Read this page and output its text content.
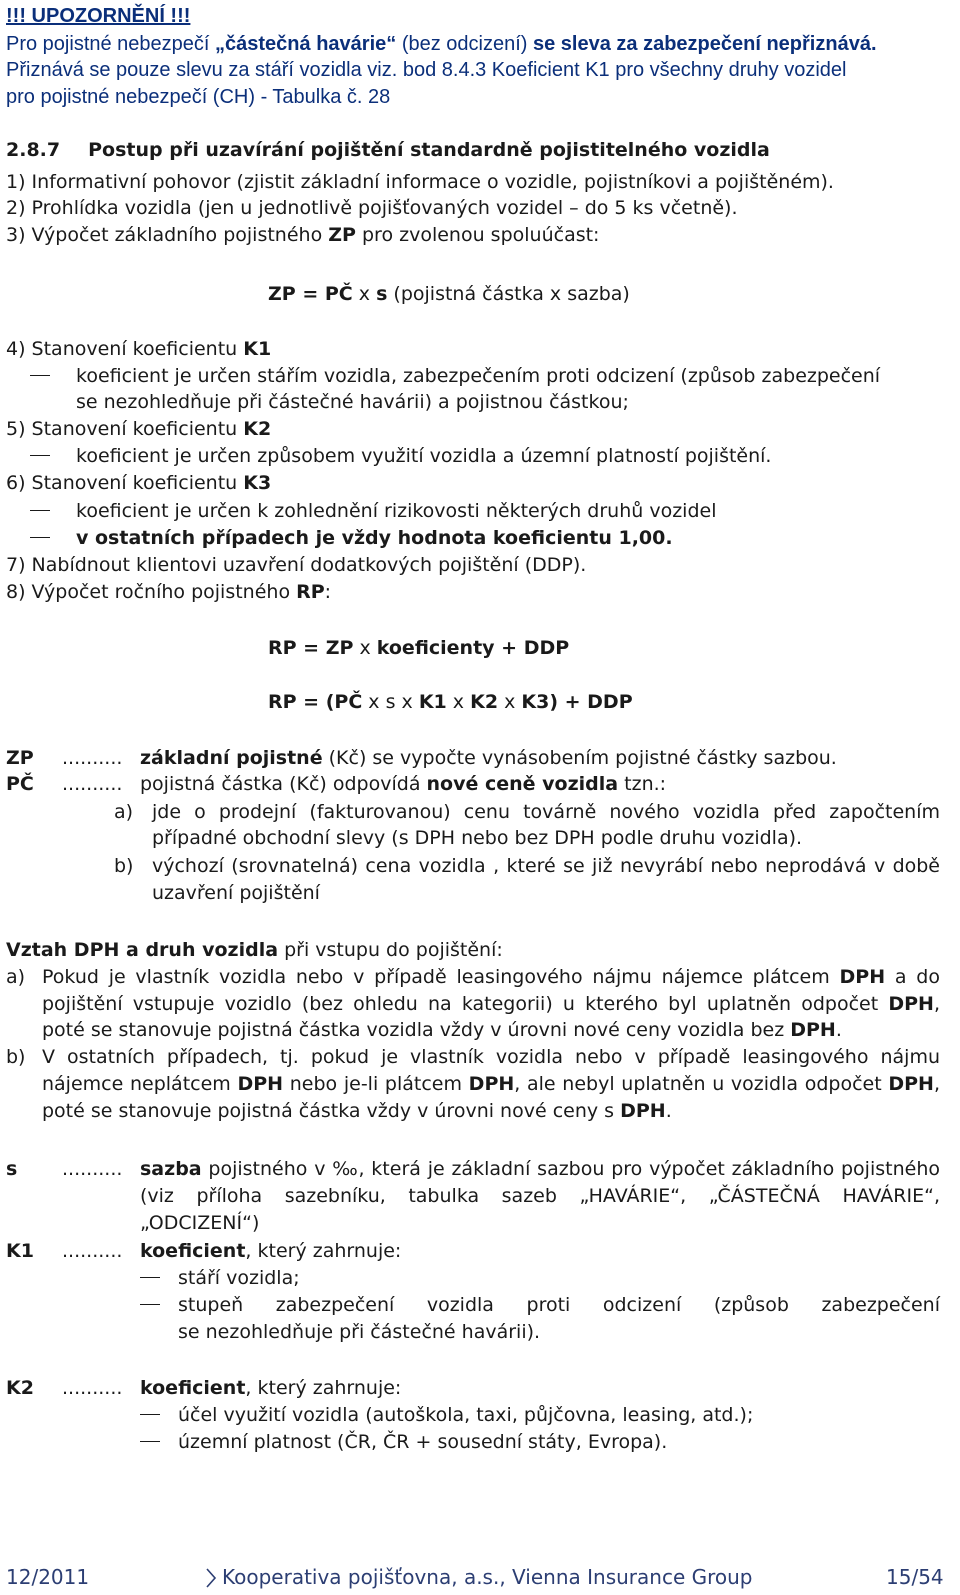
!!! UPOZORNĚNÍ !!!
Pro pojistné nebezpečí „částečná havárie“ (bez odcizení) se sleva za zabezpečení nepřiznává.
Přiznává se pouze slevu za stáří vozidla viz. bod 8.4.3 Koeficient K1 pro všechny druhy vozidel
pro pojistné nebezpečí (CH) - Tabulka č. 28
2.8.7 Postup při uzavírání pojištění standardně pojistitelného vozidla
1) Informativní pohovor (zjistit základní informace o vozidle, pojistníkovi a pojištěném).
2) Prohlídka vozidla (jen u jednotlivě pojišťovaných vozidel – do 5 ks včetně).
3) Výpočet základního pojistného ZP pro zvolenou spoluúčast:
ZP = PČ x s (pojistná částka x sazba)
4) Stanovení koeficientu K1
koeficient je určen stářím vozidla, zabezpečením proti odcizení (způsob zabezpečení
se nezohledňuje při částečné havárii) a pojistnou částkou;
5) Stanovení koeficientu K2
koeficient je určen způsobem využití vozidla a územní platností pojištění.
6) Stanovení koeficientu K3
koeficient je určen k zohlednění rizikovosti některých druhů vozidel
v ostatních případech je vždy hodnota koeficientu 1,00.
7) Nabídnout klientovi uzavření dodatkových pojištění (DDP).
8) Výpočet ročního pojistného RP:
RP = ZP x koeficienty + DDP
RP = (PČ x s x K1 x K2 x K3) + DDP
ZP .......... základní pojistné (Kč) se vypočte vynásobením pojistné částky sazbou.
PČ .......... pojistná částka (Kč) odpovídá nové ceně vozidla tzn.:
a) jde o prodejní (fakturovanou) cenu továrně nového vozidla před započtením
případné obchodní slevy (s DPH nebo bez DPH podle druhu vozidla).
b) výchozí (srovnatelná) cena vozidla , které se již nevyrábí nebo neprodává v době
uzavření pojištění
Vztah DPH a druh vozidla při vstupu do pojištění:
a) Pokud je vlastník vozidla nebo v případě leasingového nájmu nájemce plátcem DPH a do
pojištění vstupuje vozidlo (bez ohledu na kategorii) u kterého byl uplatněn odpočet DPH,
poté se stanovuje pojistná částka vozidla vždy v úrovni nové ceny vozidla bez DPH.
b) V ostatních případech, tj. pokud je vlastník vozidla nebo v případě leasingového nájmu
nájemce neplátcem DPH nebo je-li plátcem DPH, ale nebyl uplatněn u vozidla odpočet DPH,
poté se stanovuje pojistná částka vždy v úrovni nové ceny s DPH.
s .......... sazba pojistného v ‰, která je základní sazbou pro výpočet základního pojistného
(viz příloha sazebníku, tabulka sazeb „HAVÁRIE“, „ČÁSTEČNÁ HAVÁRIE“,
„ODCIZENÍ“)
K1 .......... koeficient, který zahrnuje:
stáří vozidla;
stupeň zabezpečení vozidla proti odcizení (způsob zabezpečení
se nezohledňuje při částečné havárii).
K2 .......... koeficient, který zahrnuje:
účel využití vozidla (autoškola, taxi, půjčovna, leasing, atd.);
územní platnost (ČR, ČR + sousední státy, Evropa).
12/2011	Kooperativa pojišťovna, a.s., Vienna Insurance Group	15/54
